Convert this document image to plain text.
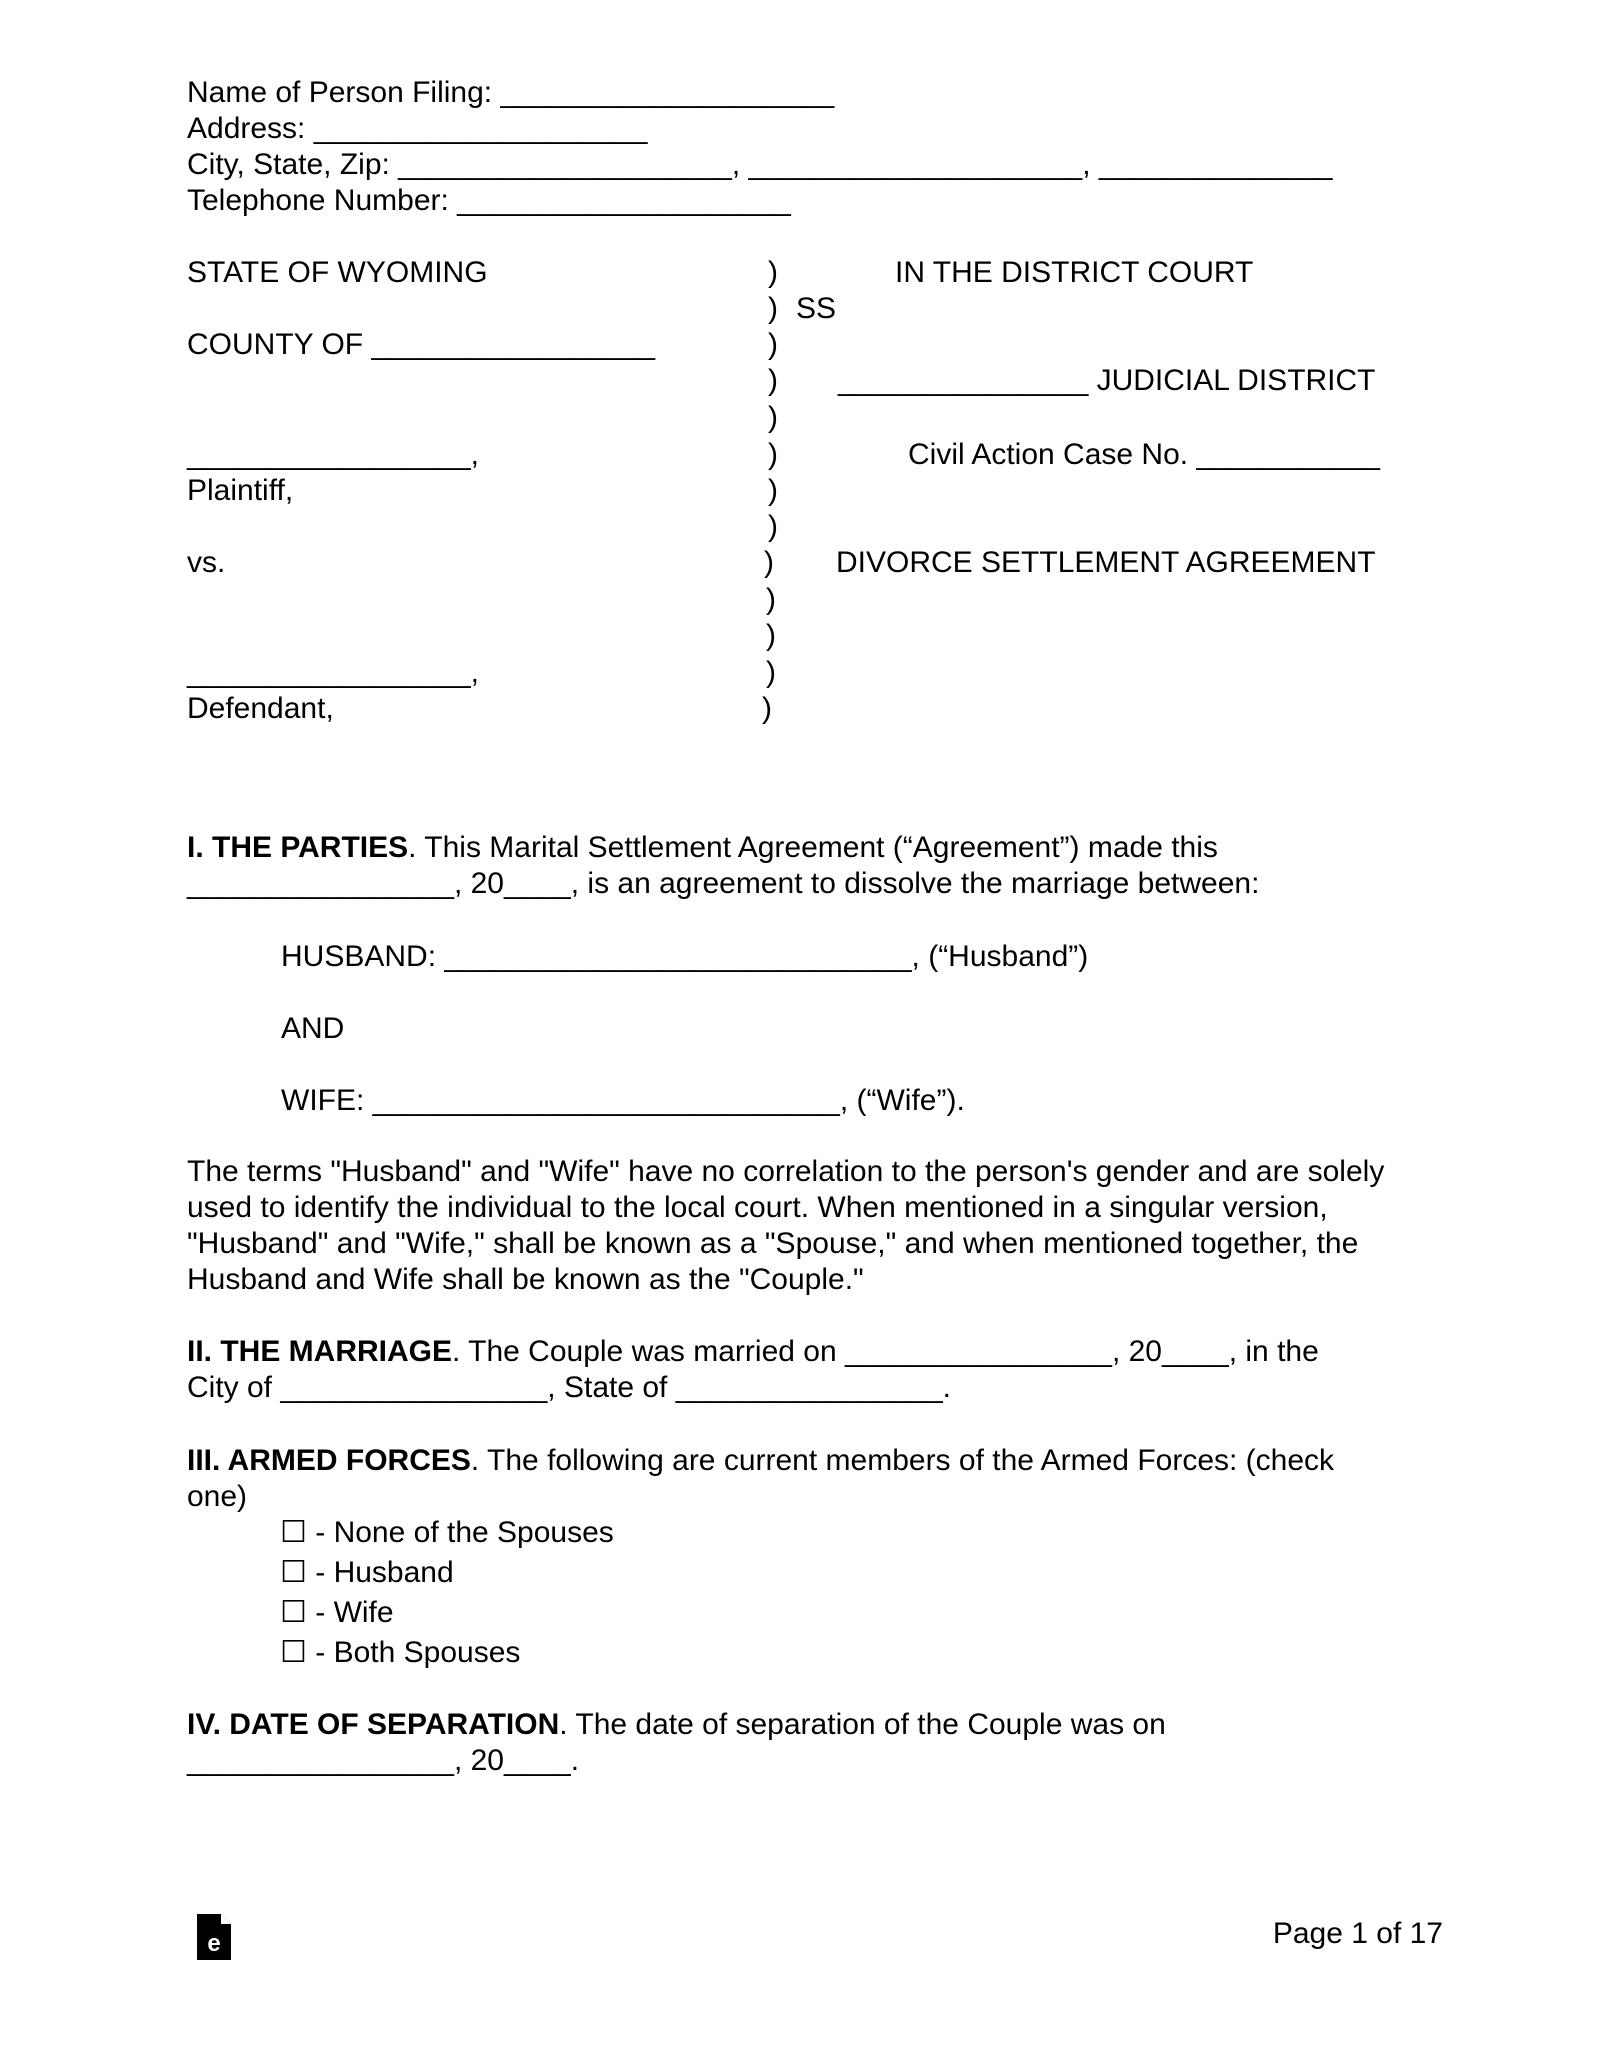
Name of Person Filing: ____________________
Address: ____________________
City, State, Zip: ____________________, ____________________, ______________
Telephone Number: ____________________
STATE OF WYOMING
COUNTY OF _________________
_________________,
Plaintiff,
vs.
_________________,
Defendant,
)
)
)
)
)
)
)
)
)
)
)
)
)
IN THE DISTRICT COURT
SS
_______________ JUDICIAL DISTRICT
Civil Action Case No. ___________
DIVORCE SETTLEMENT AGREEMENT
I. THE PARTIES. This Marital Settlement Agreement (“Agreement”) made this
________________, 20____, is an agreement to dissolve the marriage between:
HUSBAND: ____________________________, (“Husband”)
AND
WIFE: ____________________________, (“Wife”).

The terms "Husband" and "Wife" have no correlation to the person's gender and are solely used to identify the individual to the local court. When mentioned in a singular version, "Husband" and "Wife," shall be known as a "Spouse," and when mentioned together, the Husband and Wife shall be known as the "Couple."

II. THE MARRIAGE. The Couple was married on ________________, 20____, in the
City of ________________, State of ________________.
III. ARMED FORCES. The following are current members of the Armed Forces: (check
one)
☐ - None of the Spouses
☐ - Husband
☐ - Wife
☐ - Both Spouses
IV. DATE OF SEPARATION. The date of separation of the Couple was on
________________, 20____.
e	Page 1 of 17
